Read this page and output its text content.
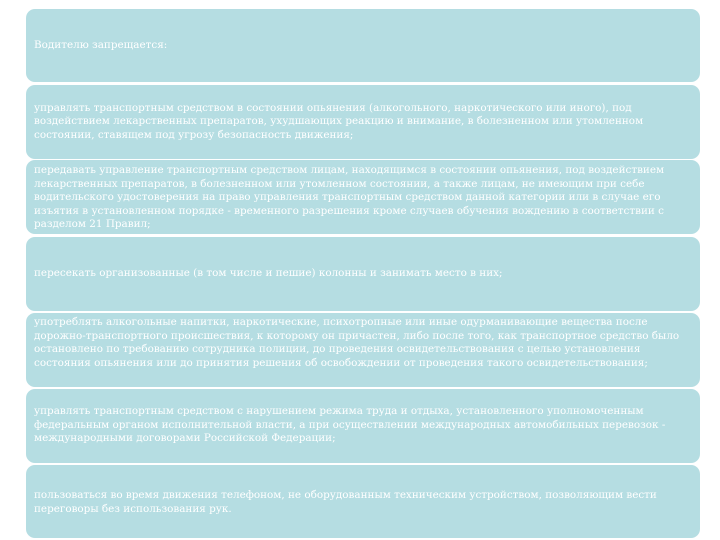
Водителю запрещается:

управлять транспортным средством в состоянии опьянения (алкогольного, наркотического или иного), под воздействием лекарственных препаратов, ухудшающих реакцию и внимание, в болезненном или утомленном состоянии, ставящем под угрозу безопасность движения;

передавать управление транспортным средством лицам, находящимся в состоянии опьянения, под воздействием лекарственных препаратов, в болезненном или утомленном состоянии, а также лицам, не имеющим при себе водительского удостоверения на право управления транспортным средством данной категории или в случае его изъятия в установленном порядке - временного разрешения кроме случаев обучения вождению в соответствии с разделом 21 Правил;

пересекать организованные (в том числе и пешие) колонны и занимать место в них;

употреблять алкогольные напитки, наркотические, психотропные или иные одурманивающие вещества после дорожно-транспортного происшествия, к которому он причастен, либо после того, как транспортное средство было остановлено по требованию сотрудника полиции, до проведения освидетельствования с целью установления состояния опьянения или до принятия решения об освобождении от проведения такого освидетельствования;

управлять транспортным средством с нарушением режима труда и отдыха, установленного уполномоченным федеральным органом исполнительной власти, а при осуществлении международных автомобильных перевозок - международными договорами Российской Федерации;

пользоваться во время движения телефоном, не оборудованным техническим устройством, позволяющим вести переговоры без использования рук.
